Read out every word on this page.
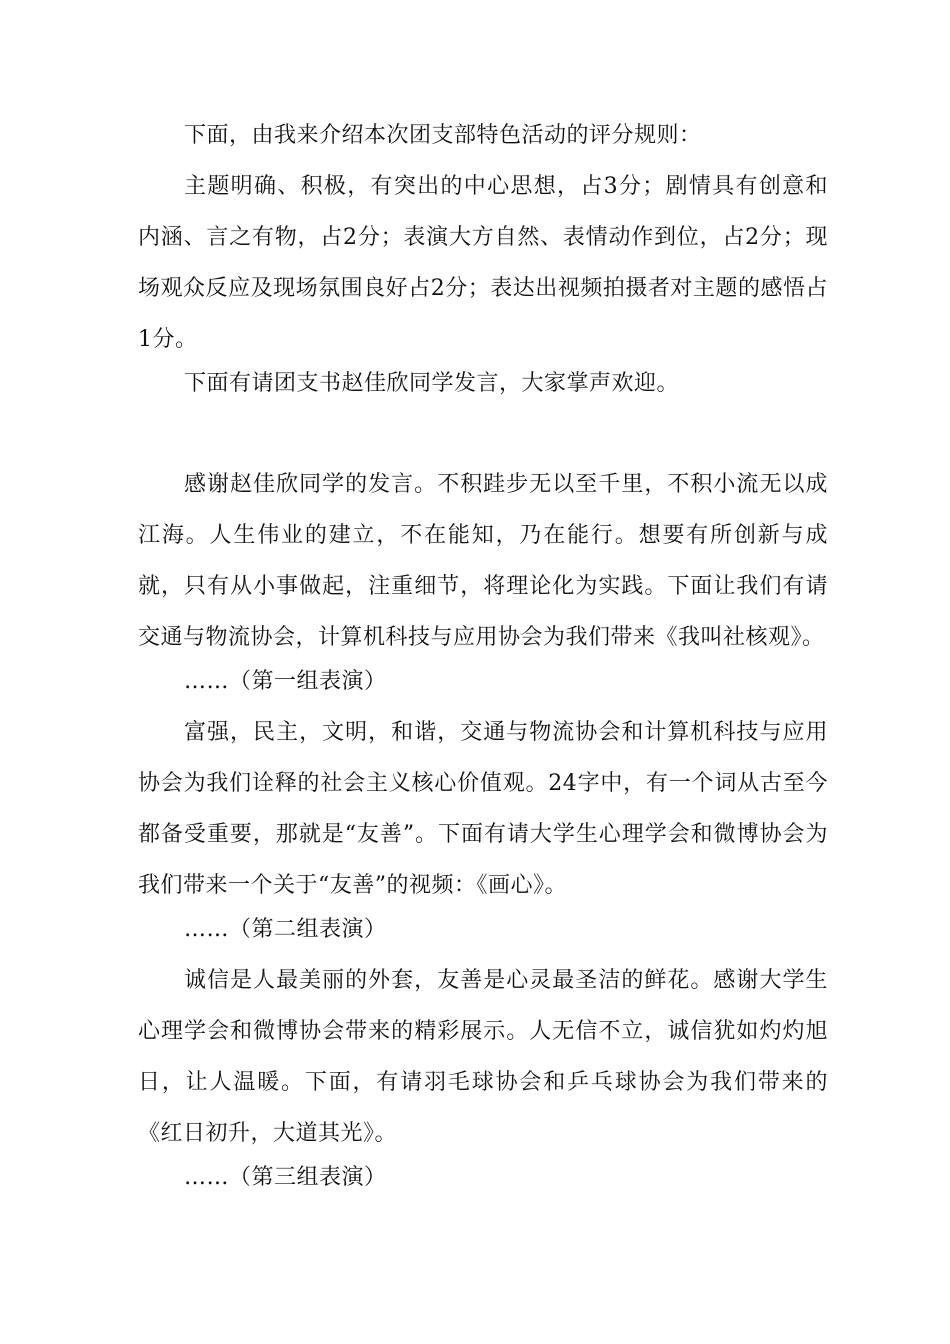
下面，由我来介绍本次团支部特色活动的评分规则：

主题明确、积极，有突出的中心思想，占3分；剧情具有创意和内涵、言之有物，占2分；表演大方自然、表情动作到位，占2分；现场观众反应及现场氛围良好占2分；表达出视频拍摄者对主题的感悟占1分。

下面有请团支书赵佳欣同学发言，大家掌声欢迎。

感谢赵佳欣同学的发言。不积跬步无以至千里，不积小流无以成江海。人生伟业的建立，不在能知，乃在能行。想要有所创新与成就，只有从小事做起，注重细节，将理论化为实践。下面让我们有请交通与物流协会，计算机科技与应用协会为我们带来《我叫社核观》。

……（第一组表演）

富强，民主，文明，和谐，交通与物流协会和计算机科技与应用协会为我们诠释的社会主义核心价值观。24字中，有一个词从古至今都备受重要，那就是“友善”。下面有请大学生心理学会和微博协会为我们带来一个关于“友善”的视频：《画心》。

……（第二组表演）

诚信是人最美丽的外套，友善是心灵最圣洁的鲜花。感谢大学生心理学会和微博协会带来的精彩展示。人无信不立，诚信犹如灼灼旭日，让人温暖。下面，有请羽毛球协会和乒乓球协会为我们带来的《红日初升，大道其光》。

……（第三组表演）
